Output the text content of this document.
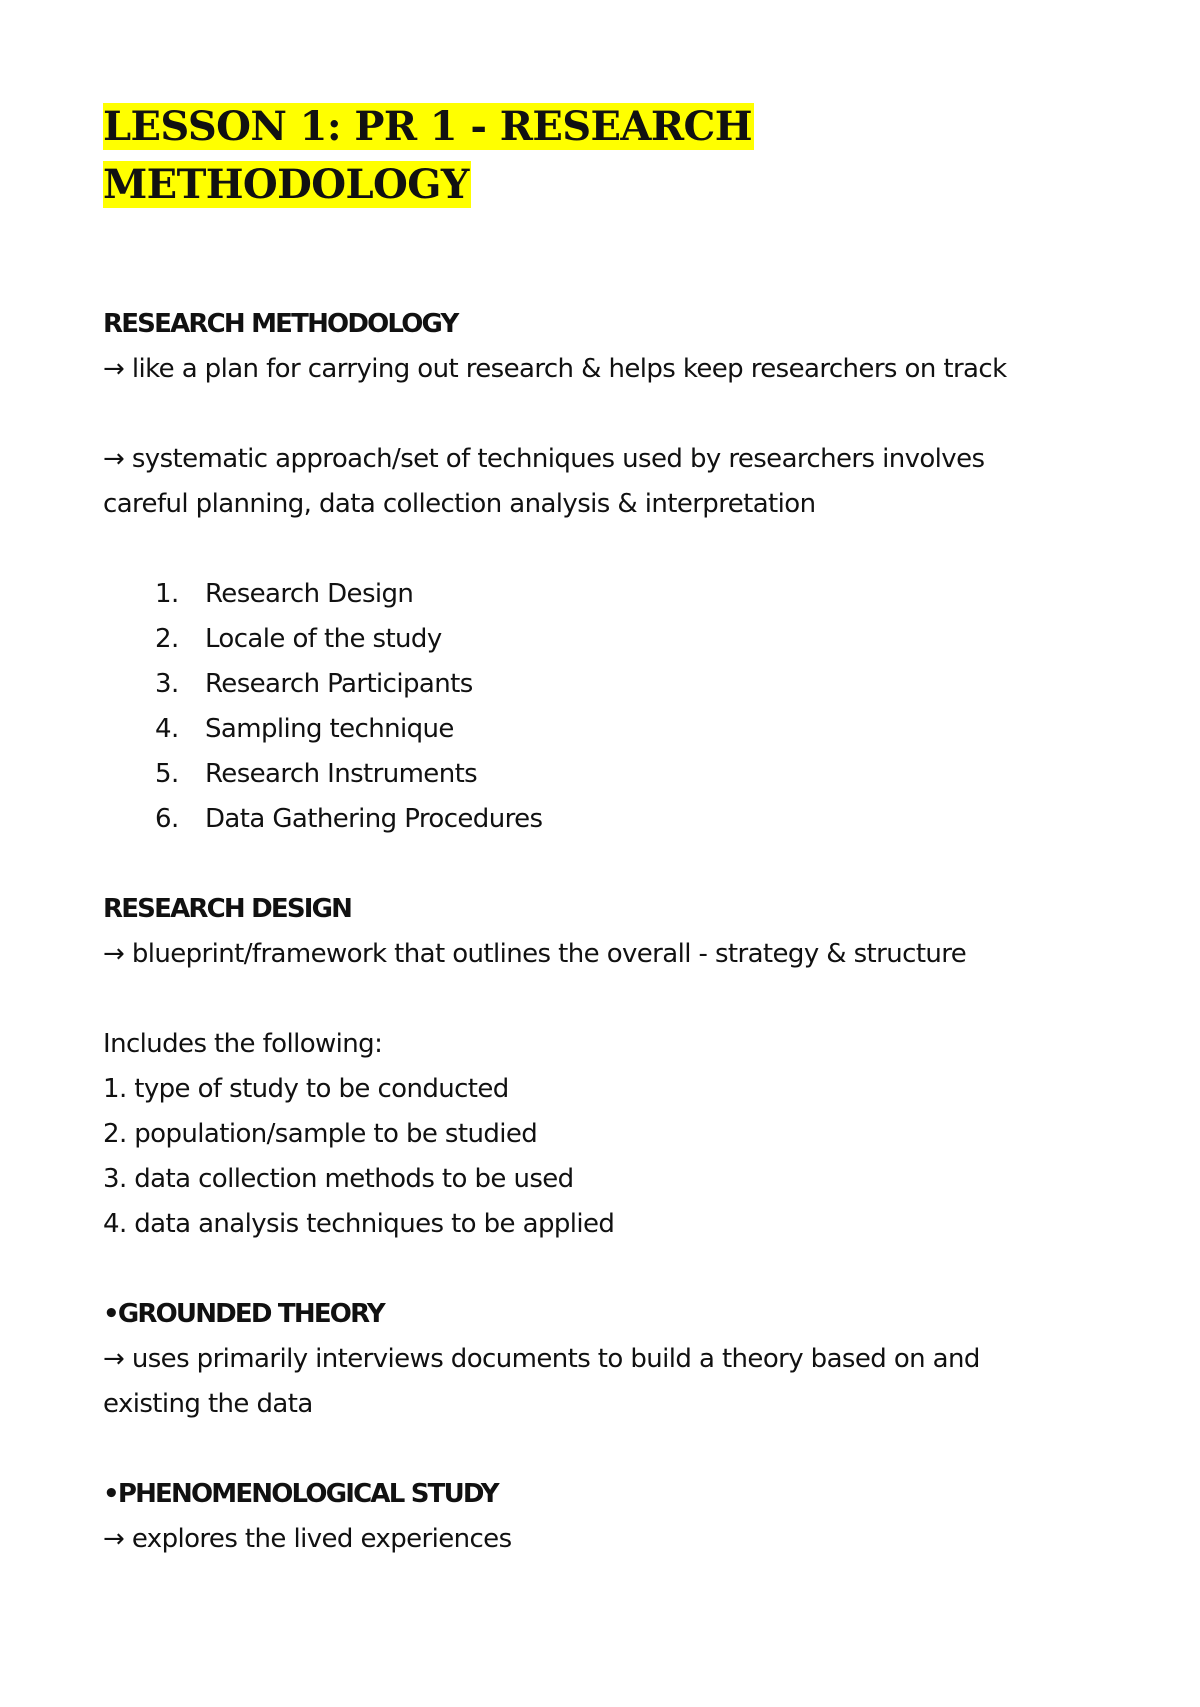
LESSON 1: PR 1 - RESEARCH
METHODOLOGY

RESEARCH METHODOLOGY

→ like a plan for carrying out research & helps keep researchers on track

→ systematic approach/set of techniques used by researchers involves

careful planning, data collection analysis & interpretation

1.	Research Design
2.	Locale of the study
3.	Research Participants
4.	Sampling technique
5.	Research Instruments
6.	Data Gathering Procedures

RESEARCH DESIGN

→ blueprint/framework that outlines the overall - strategy & structure

Includes the following:

1. type of study to be conducted

2. population/sample to be studied

3. data collection methods to be used

4. data analysis techniques to be applied

•GROUNDED THEORY

→ uses primarily interviews documents to build a theory based on and

existing the data

•PHENOMENOLOGICAL STUDY

→ explores the lived experiences
